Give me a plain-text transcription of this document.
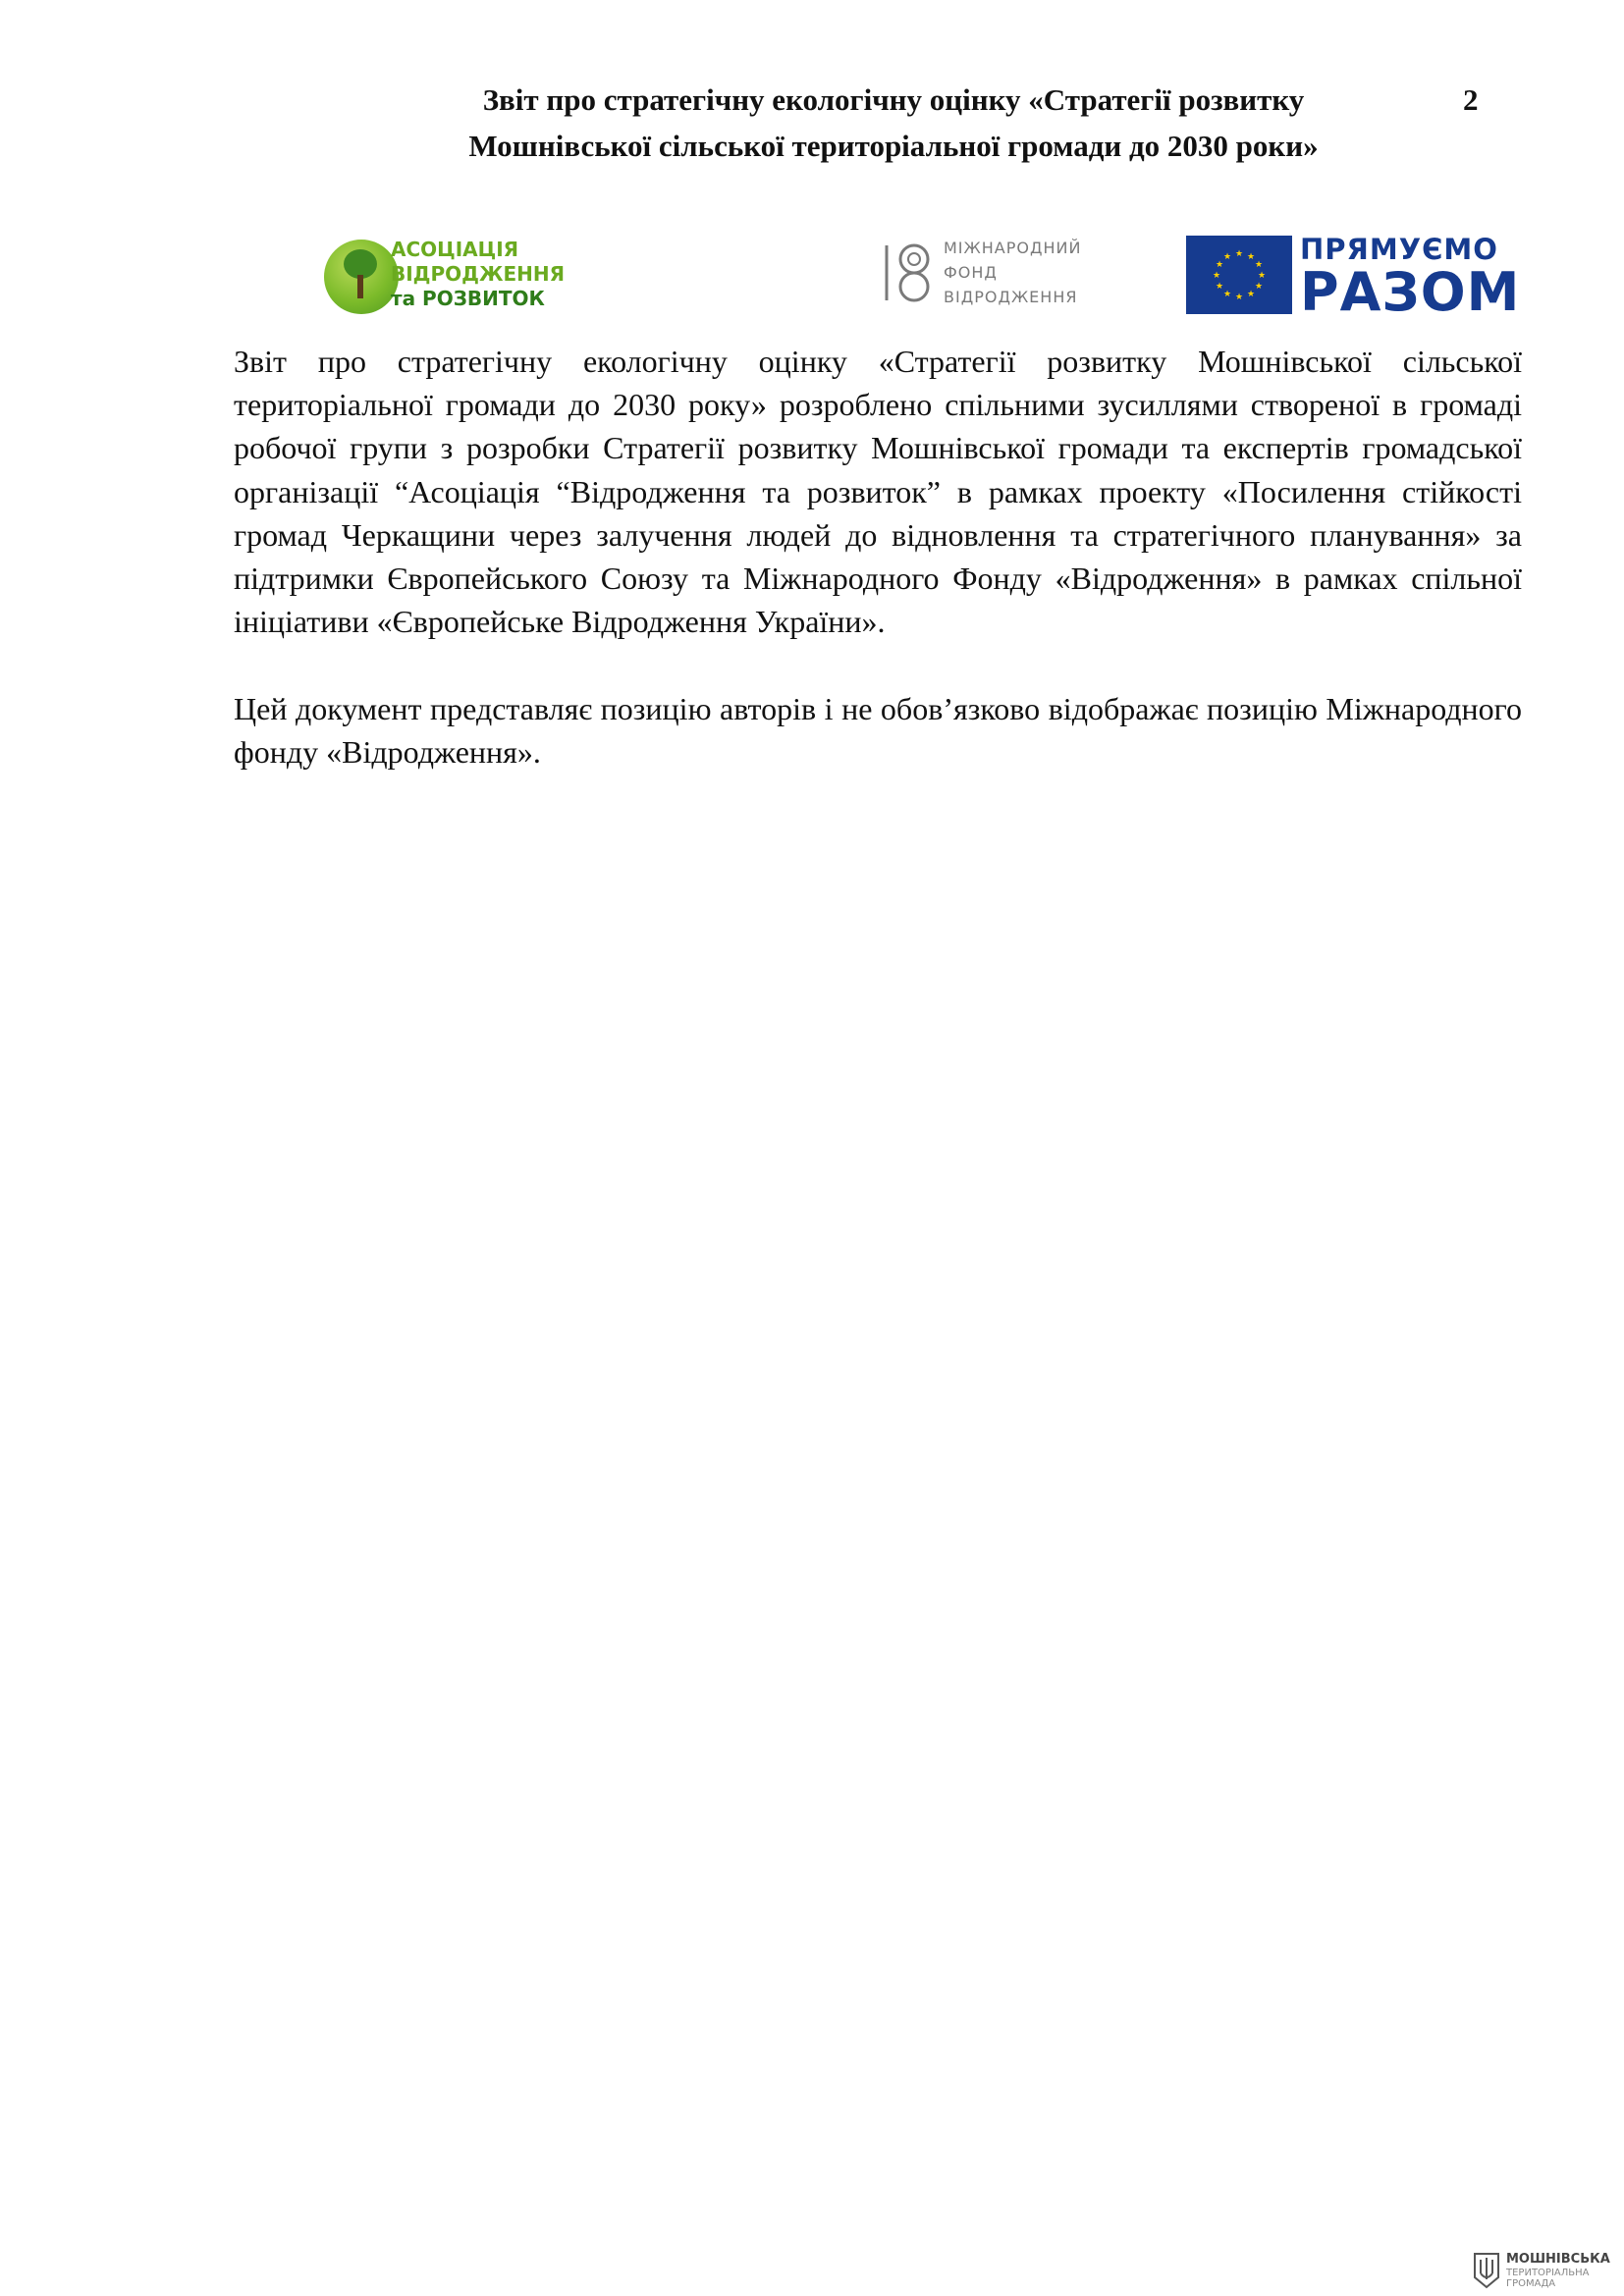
Звіт про стратегічну екологічну оцінку «Стратегії розвитку
Мошнівської сільської територіальної громади до 2030 роки»
2
АСОЦІАЦІЯ
ВІДРОДЖЕННЯ
та РОЗВИТОК
МІЖНАРОДНИЙ
ФОНД
ВІДРОДЖЕННЯ
★ ★
★
★
★
★
★
★
★
★
★
★ ПРЯМУЄМО
РАЗОМ

Звіт про стратегічну екологічну оцінку «Стратегії розвитку Мошнівської сільської територіальної громади до 2030 року» розроблено спільними зусиллями створеної в громаді робочої групи з розробки Стратегії розвитку Мошнівської громади та експертів громадської організації “Асоціація “Відродження та розвиток” в рамках проекту «Посилення стійкості громад Черкащини через залучення людей до відновлення та стратегічного планування» за підтримки Європейського Союзу та Міжнародного Фонду «Відродження» в рамках спільної ініціативи «Європейське Відродження України».

Цей документ представляє позицію авторів і не обов’язково відображає позицію Міжнародного фонду «Відродження».

МОШНІВСЬКА
ТЕРИТОРІАЛЬНА
ГРОМАДА
